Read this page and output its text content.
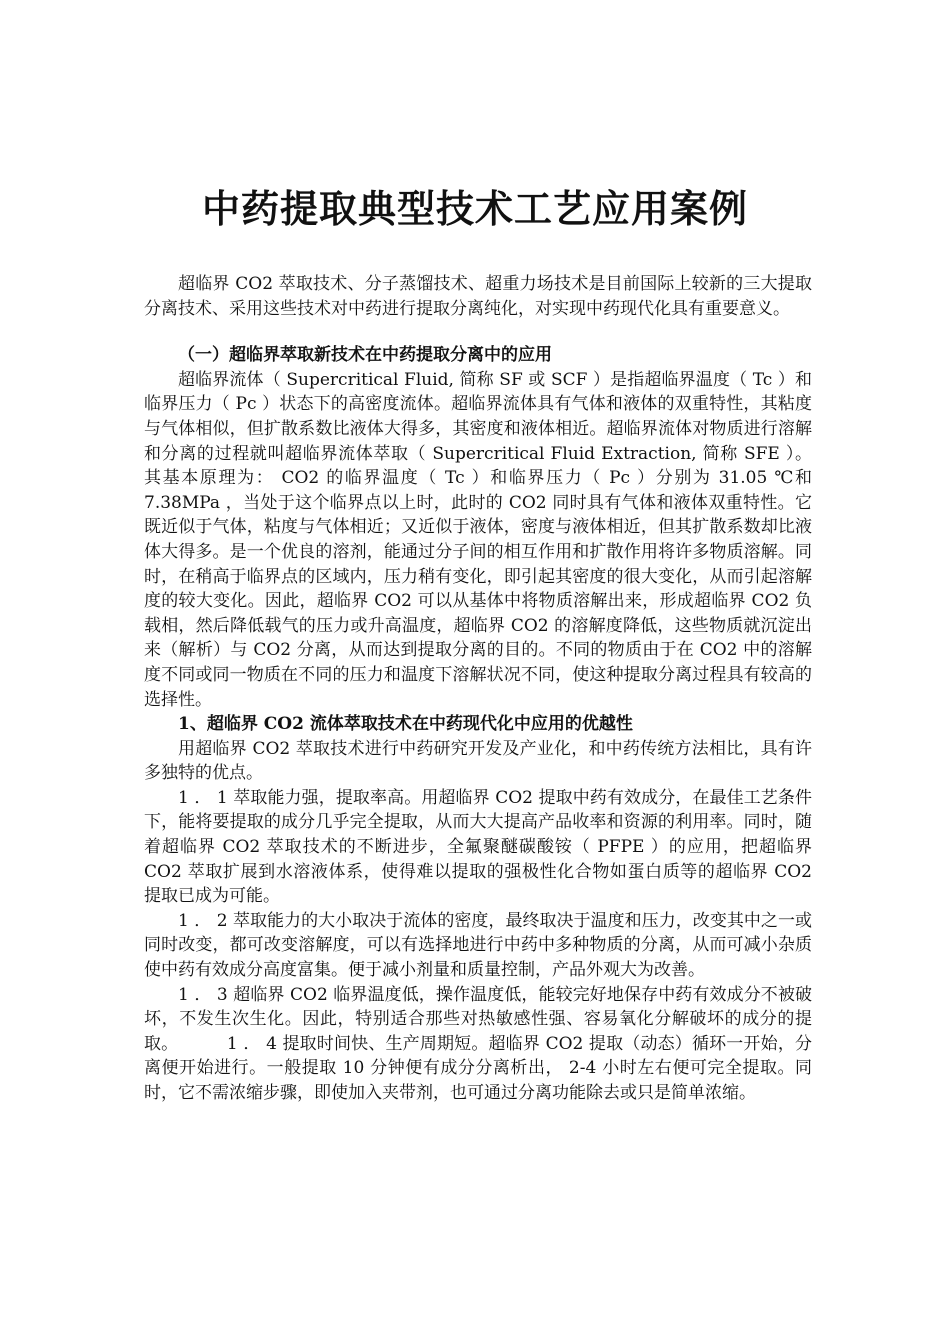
中药提取典型技术工艺应用案例

超临界 CO2 萃取技术、分子蒸馏技术、超重力场技术是目前国际上较新的三大提取分离技术、采用这些技术对中药进行提取分离纯化，对实现中药现代化具有重要意义。

（一）超临界萃取新技术在中药提取分离中的应用

超临界流体（ Supercritical Fluid, 简称 SF 或 SCF ）是指超临界温度（ Tc ）和临界压力（ Pc ）状态下的高密度流体。超临界流体具有气体和液体的双重特性，其粘度与气体相似，但扩散系数比液体大得多，其密度和液体相近。超临界流体对物质进行溶解和分离的过程就叫超临界流体萃取（ Supercritical Fluid Extraction, 简称 SFE ）。其基本原理为： CO2 的临界温度（ Tc ）和临界压力（ Pc ）分别为 31.05 ℃和 7.38MPa ，当处于这个临界点以上时，此时的 CO2 同时具有气体和液体双重特性。它既近似于气体，粘度与气体相近；又近似于液体，密度与液体相近，但其扩散系数却比液体大得多。是一个优良的溶剂，能通过分子间的相互作用和扩散作用将许多物质溶解。同时，在稍高于临界点的区域内，压力稍有变化，即引起其密度的很大变化，从而引起溶解度的较大变化。因此，超临界 CO2 可以从基体中将物质溶解出来，形成超临界 CO2 负载相，然后降低载气的压力或升高温度，超临界 CO2 的溶解度降低，这些物质就沉淀出来（解析）与 CO2 分离，从而达到提取分离的目的。不同的物质由于在 CO2 中的溶解度不同或同一物质在不同的压力和温度下溶解状况不同，使这种提取分离过程具有较高的选择性。

1、超临界 CO2 流体萃取技术在中药现代化中应用的优越性

用超临界 CO2 萃取技术进行中药研究开发及产业化，和中药传统方法相比，具有许多独特的优点。

1 ． 1 萃取能力强，提取率高。用超临界 CO2 提取中药有效成分，在最佳工艺条件下，能将要提取的成分几乎完全提取，从而大大提高产品收率和资源的利用率。同时，随着超临界 CO2 萃取技术的不断进步，全氟聚醚碳酸铵（ PFPE ）的应用，把超临界 CO2 萃取扩展到水溶液体系，使得难以提取的强极性化合物如蛋白质等的超临界 CO2 提取已成为可能。

1 ． 2 萃取能力的大小取决于流体的密度，最终取决于温度和压力，改变其中之一或同时改变，都可改变溶解度，可以有选择地进行中药中多种物质的分离，从而可减小杂质使中药有效成分高度富集。便于减小剂量和质量控制，产品外观大为改善。

1 ． 3 超临界 CO2 临界温度低，操作温度低，能较完好地保存中药有效成分不被破坏，不发生次生化。因此，特别适合那些对热敏感性强、容易氧化分解破坏的成分的提取。　　　 1 ． 4 提取时间快、生产周期短。超临界 CO2 提取（动态）循环一开始，分离便开始进行。一般提取 10 分钟便有成分分离析出， 2-4 小时左右便可完全提取。同时，它不需浓缩步骤，即使加入夹带剂，也可通过分离功能除去或只是简单浓缩。
